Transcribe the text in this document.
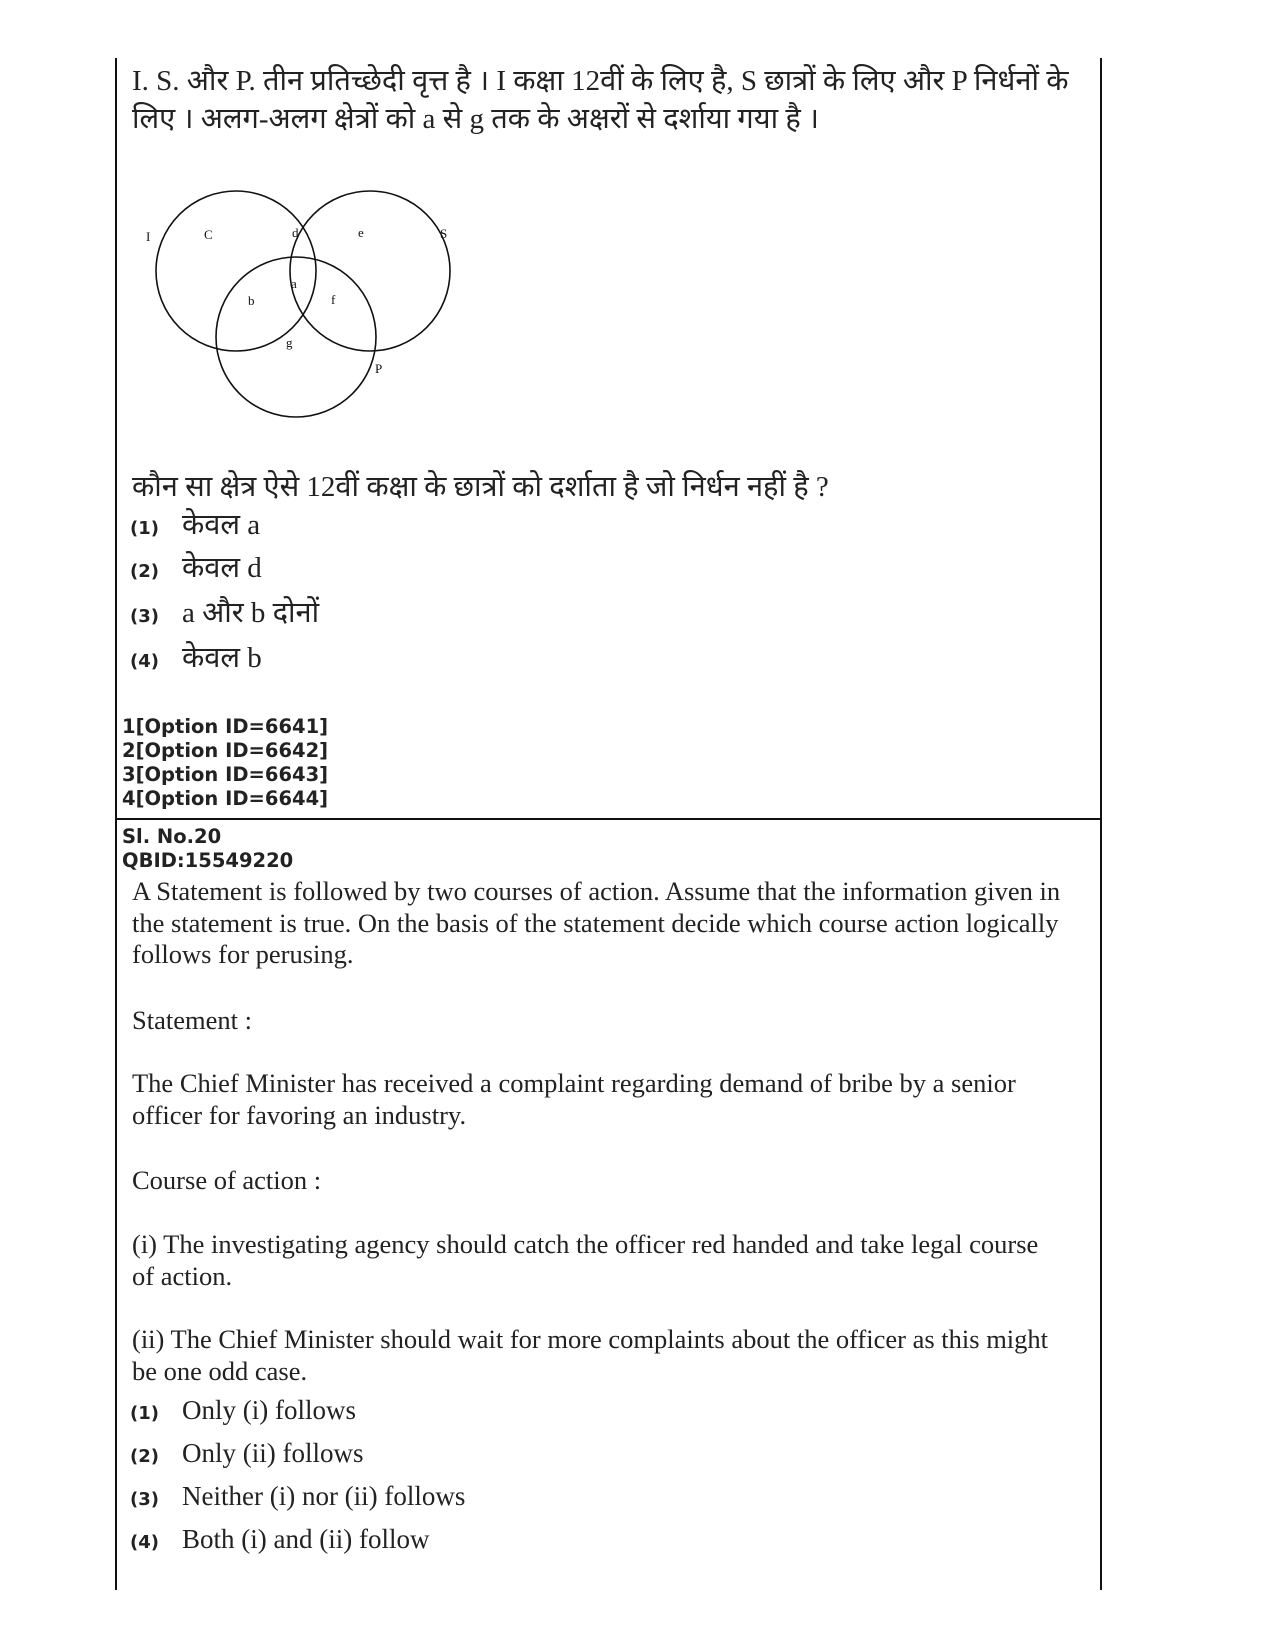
I. S. और P. तीन प्रतिच्छेदी वृत्त है । I कक्षा 12वीं के लिए है, S छात्रों के लिए और P निर्धनों के लिए । अलग-अलग क्षेत्रों को a से g तक के अक्षरों से दर्शाया गया है ।
I	S
P
C	d	e
a
b	f
g
कौन सा क्षेत्र ऐसे 12वीं कक्षा के छात्रों को दर्शाता है जो निर्धन नहीं है ?
(1) केवल a
(2) केवल d
(3) a और b दोनों
(4) केवल b
1[Option ID=6641]
2[Option ID=6642]
3[Option ID=6643]
4[Option ID=6644]
Sl. No.20
QBID:15549220
A Statement is followed by two courses of action. Assume that the information given in the statement is true. On the basis of the statement decide which course action logically follows for perusing.
Statement :
The Chief Minister has received a complaint regarding demand of bribe by a senior officer for favoring an industry.
Course of action :
(i) The investigating agency should catch the officer red handed and take legal course of action.
(ii) The Chief Minister should wait for more complaints about the officer as this might be one odd case.
(1) Only (i) follows
(2) Only (ii) follows
(3) Neither (i) nor (ii) follows
(4) Both (i) and (ii) follow
